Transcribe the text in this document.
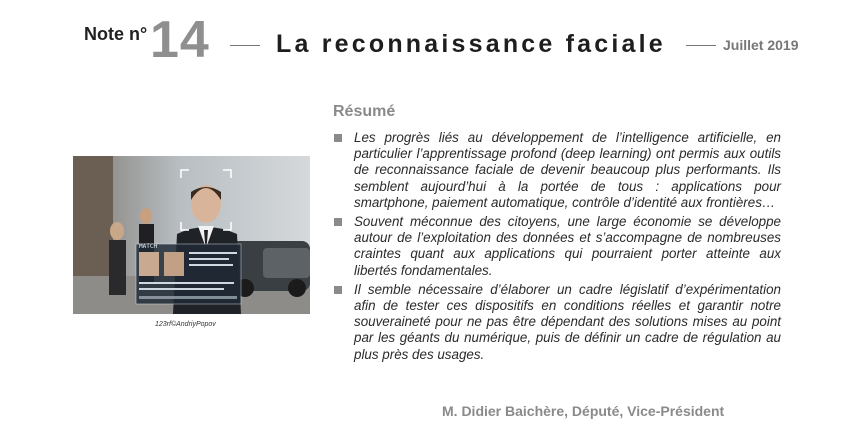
Note n° 14	La reconnaissance faciale	Juillet 2019
MATCH
123rf©AndriyPopov
Résumé
Les progrès liés au développement de l’intelligence artificielle, en particulier l’apprentissage profond (deep learning) ont permis aux outils de reconnaissance faciale de devenir beaucoup plus performants. Ils semblent aujourd’hui à la portée de tous : applications pour smartphone, paiement automatique, contrôle d’identité aux frontières…
Souvent méconnue des citoyens, une large économie se développe autour de l’exploitation des données et s’accompagne de nombreuses craintes quant aux applications qui pourraient porter atteinte aux libertés fondamentales.
Il semble nécessaire d’élaborer un cadre législatif d’expérimentation afin de tester ces dispositifs en conditions réelles et garantir notre souveraineté pour ne pas être dépendant des solutions mises au point par les géants du numérique, puis de définir un cadre de régulation au plus près des usages.
M. Didier Baichère, Député, Vice-Président
